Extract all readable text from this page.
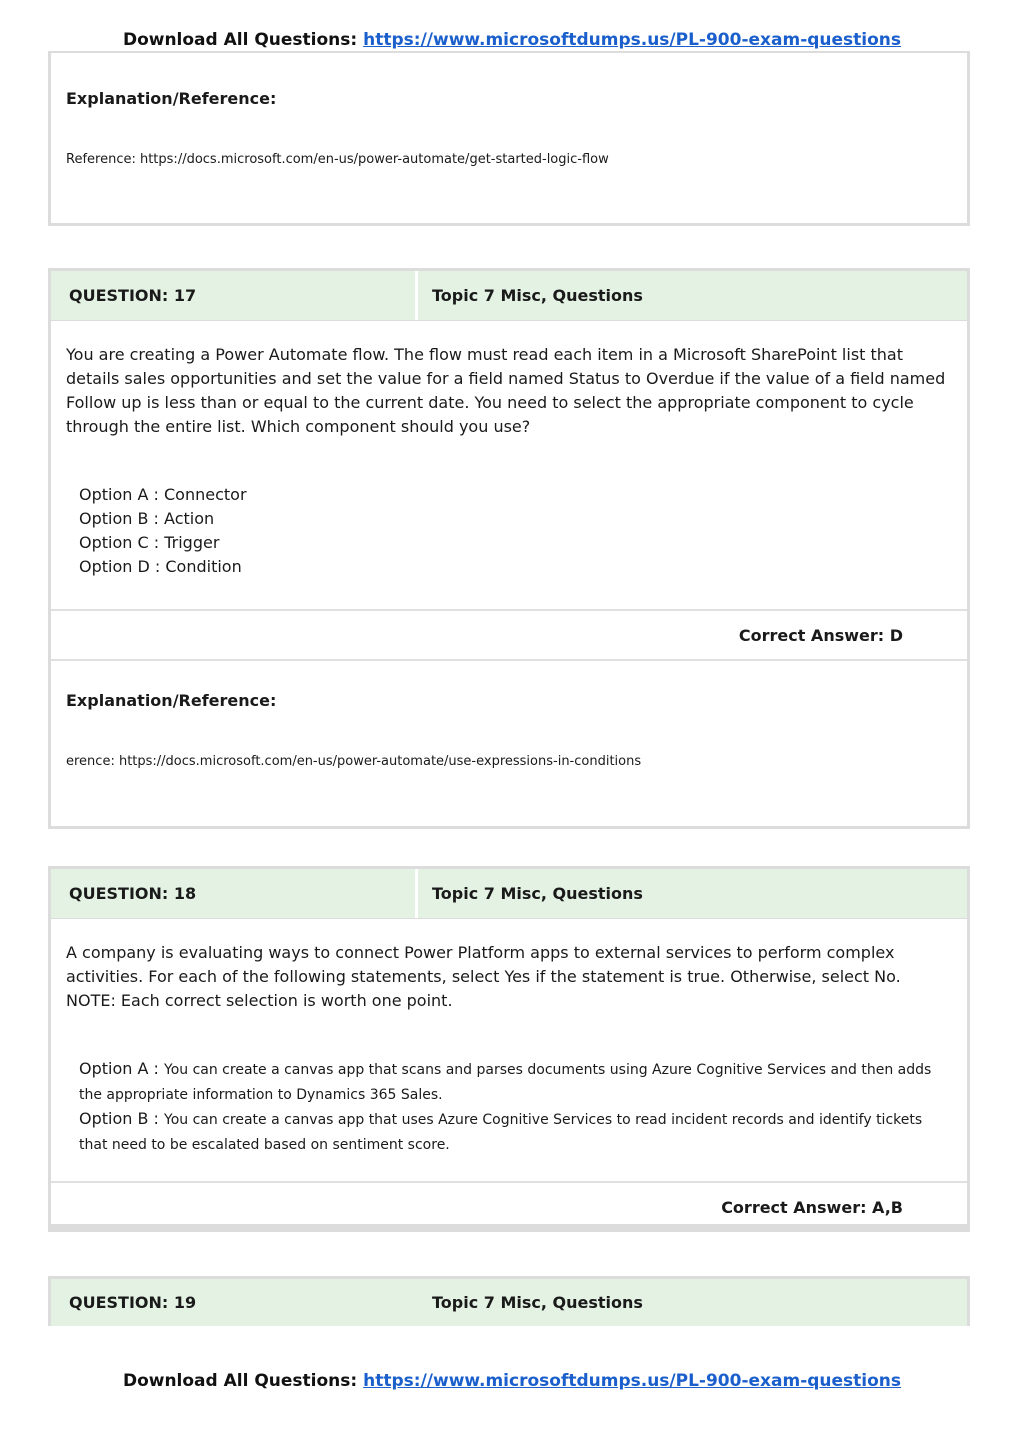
Download All Questions: https://www.microsoftdumps.us/PL-900-exam-questions
Explanation/Reference:
Reference: https://docs.microsoft.com/en-us/power-automate/get-started-logic-flow
QUESTION: 17	Topic 7 Misc, Questions
You are creating a Power Automate flow. The flow must read each item in a Microsoft SharePoint list that details sales opportunities and set the value for a field named Status to Overdue if the value of a field named Follow up is less than or equal to the current date. You need to select the appropriate component to cycle through the entire list. Which component should you use?
Option A : Connector
Option B : Action
Option C : Trigger
Option D : Condition
Correct Answer: D
Explanation/Reference:
erence: https://docs.microsoft.com/en-us/power-automate/use-expressions-in-conditions
QUESTION: 18	Topic 7 Misc, Questions
A company is evaluating ways to connect Power Platform apps to external services to perform complex activities. For each of the following statements, select Yes if the statement is true. Otherwise, select No. NOTE: Each correct selection is worth one point.
Option A : You can create a canvas app that scans and parses documents using Azure Cognitive Services and then adds the appropriate information to Dynamics 365 Sales.
Option B : You can create a canvas app that uses Azure Cognitive Services to read incident records and identify tickets that need to be escalated based on sentiment score.
Correct Answer: A,B
QUESTION: 19	Topic 7 Misc, Questions
Download All Questions: https://www.microsoftdumps.us/PL-900-exam-questions
